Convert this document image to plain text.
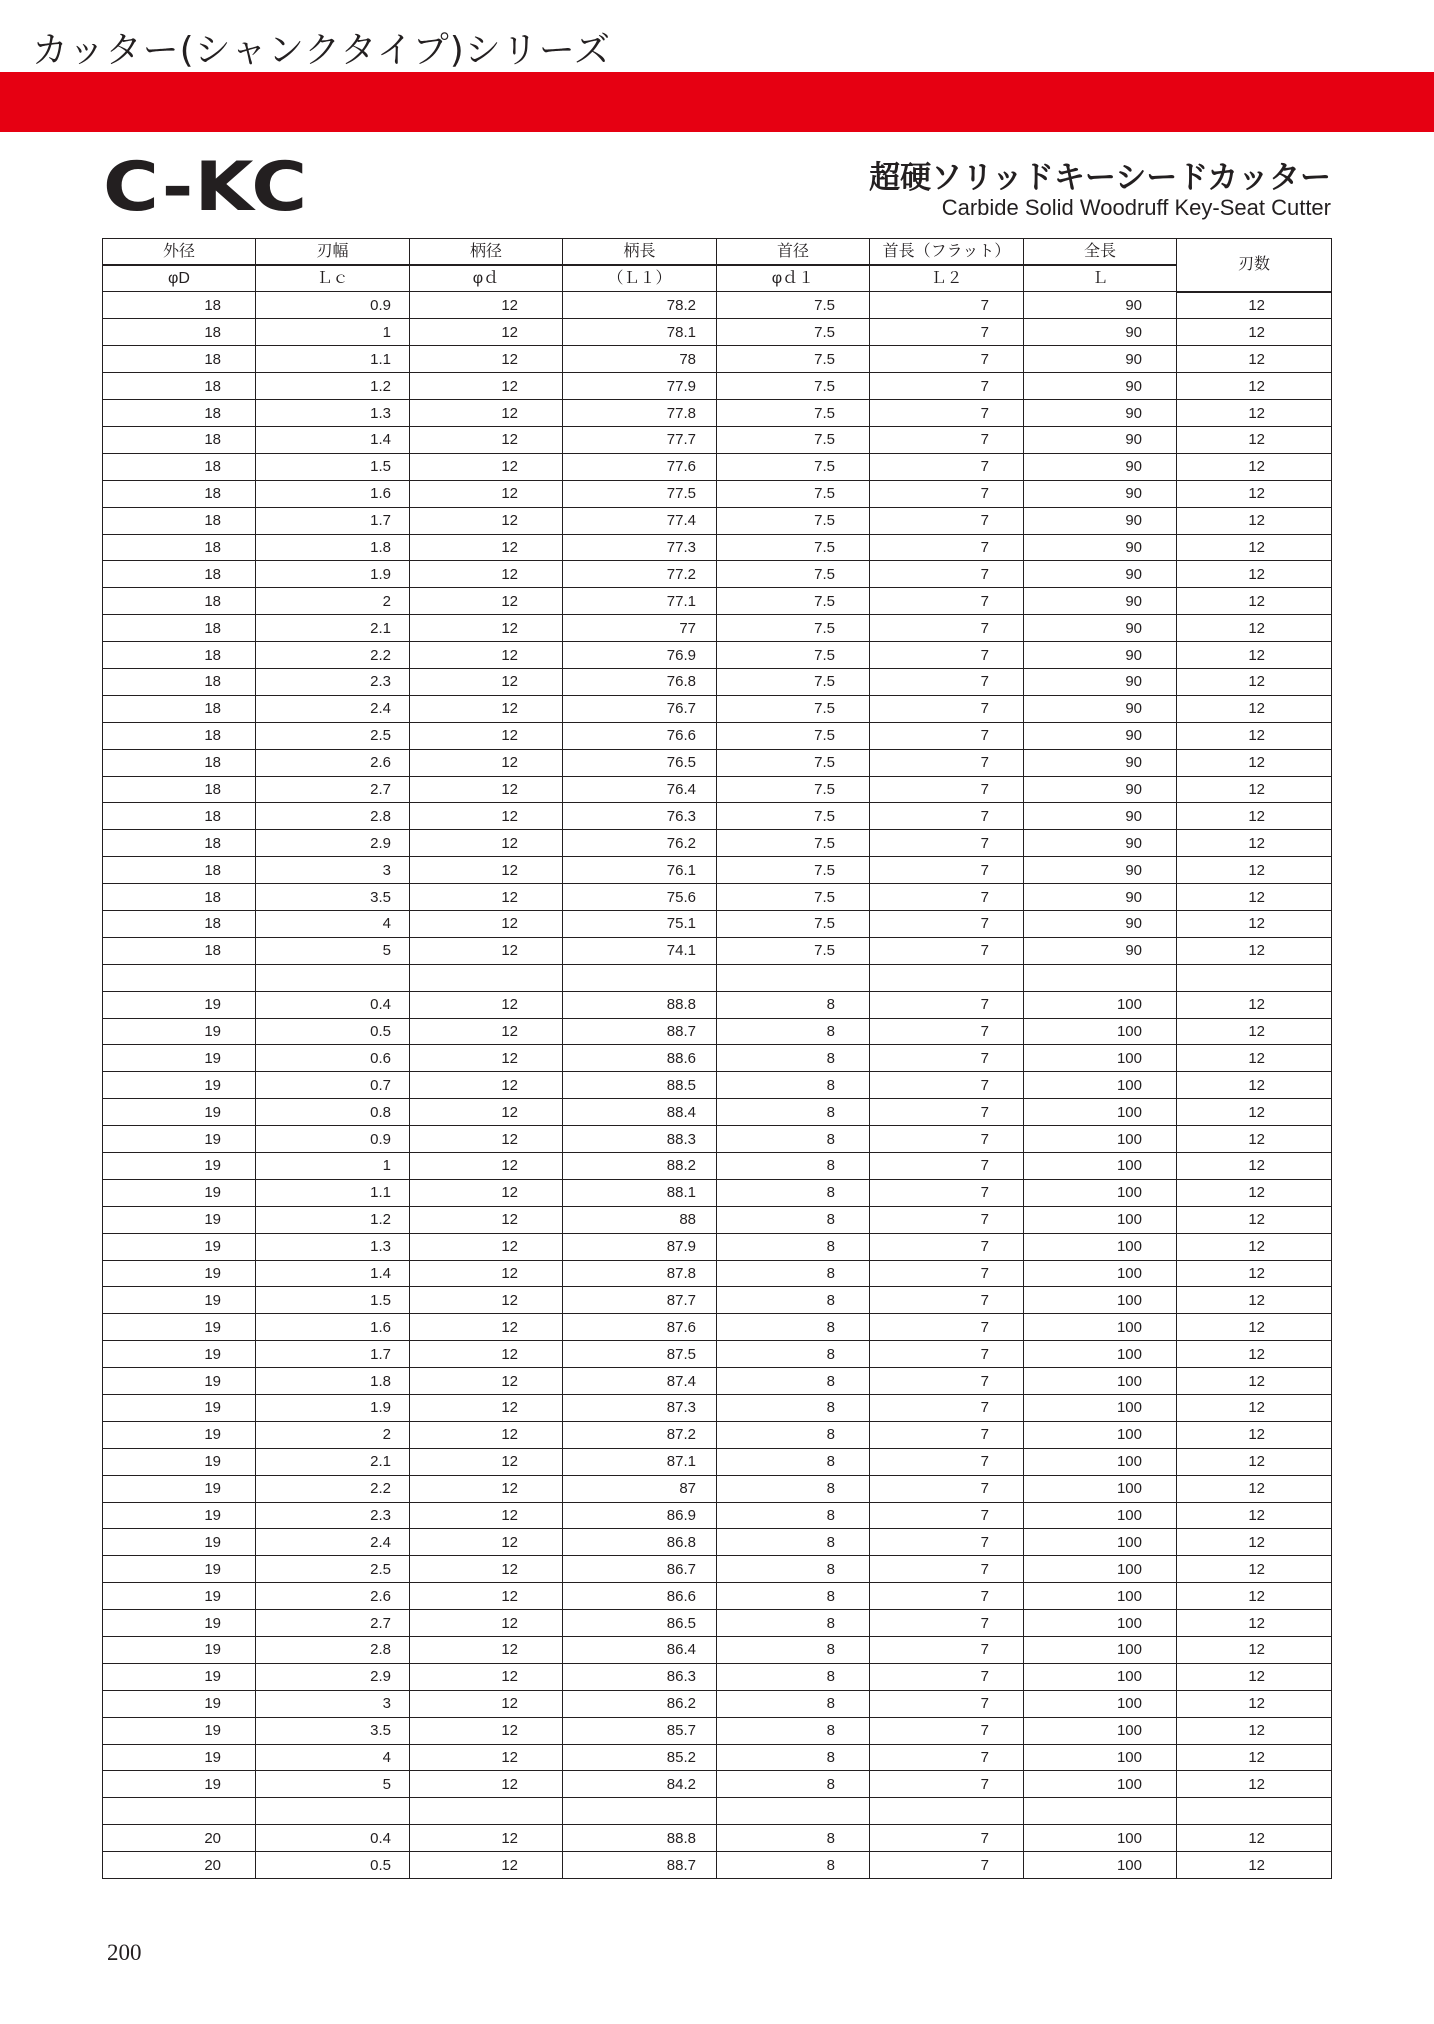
カッター(シャンクタイプ)シリーズ
C-KC	超硬ソリッドキーシードカッター
Carbide Solid Woodruff Key-Seat Cutter
外径	刃幅	柄径	柄長	首径	首長（フラット）	全長	刃数
φD	Ｌｃ	φｄ	（Ｌ１）	φｄ１	Ｌ２	Ｌ	
18	0.9	12	78.2	7.5	7	90	12
18	1	12	78.1	7.5	7	90	12
18	1.1	12	78	7.5	7	90	12
18	1.2	12	77.9	7.5	7	90	12
18	1.3	12	77.8	7.5	7	90	12
18	1.4	12	77.7	7.5	7	90	12
18	1.5	12	77.6	7.5	7	90	12
18	1.6	12	77.5	7.5	7	90	12
18	1.7	12	77.4	7.5	7	90	12
18	1.8	12	77.3	7.5	7	90	12
18	1.9	12	77.2	7.5	7	90	12
18	2	12	77.1	7.5	7	90	12
18	2.1	12	77	7.5	7	90	12
18	2.2	12	76.9	7.5	7	90	12
18	2.3	12	76.8	7.5	7	90	12
18	2.4	12	76.7	7.5	7	90	12
18	2.5	12	76.6	7.5	7	90	12
18	2.6	12	76.5	7.5	7	90	12
18	2.7	12	76.4	7.5	7	90	12
18	2.8	12	76.3	7.5	7	90	12
18	2.9	12	76.2	7.5	7	90	12
18	3	12	76.1	7.5	7	90	12
18	3.5	12	75.6	7.5	7	90	12
18	4	12	75.1	7.5	7	90	12
18	5	12	74.1	7.5	7	90	12

19	0.4	12	88.8	8	7	100	12
19	0.5	12	88.7	8	7	100	12
19	0.6	12	88.6	8	7	100	12
19	0.7	12	88.5	8	7	100	12
19	0.8	12	88.4	8	7	100	12
19	0.9	12	88.3	8	7	100	12
19	1	12	88.2	8	7	100	12
19	1.1	12	88.1	8	7	100	12
19	1.2	12	88	8	7	100	12
19	1.3	12	87.9	8	7	100	12
19	1.4	12	87.8	8	7	100	12
19	1.5	12	87.7	8	7	100	12
19	1.6	12	87.6	8	7	100	12
19	1.7	12	87.5	8	7	100	12
19	1.8	12	87.4	8	7	100	12
19	1.9	12	87.3	8	7	100	12
19	2	12	87.2	8	7	100	12
19	2.1	12	87.1	8	7	100	12
19	2.2	12	87	8	7	100	12
19	2.3	12	86.9	8	7	100	12
19	2.4	12	86.8	8	7	100	12
19	2.5	12	86.7	8	7	100	12
19	2.6	12	86.6	8	7	100	12
19	2.7	12	86.5	8	7	100	12
19	2.8	12	86.4	8	7	100	12
19	2.9	12	86.3	8	7	100	12
19	3	12	86.2	8	7	100	12
19	3.5	12	85.7	8	7	100	12
19	4	12	85.2	8	7	100	12
19	5	12	84.2	8	7	100	12

20	0.4	12	88.8	8	7	100	12
20	0.5	12	88.7	8	7	100	12
200
